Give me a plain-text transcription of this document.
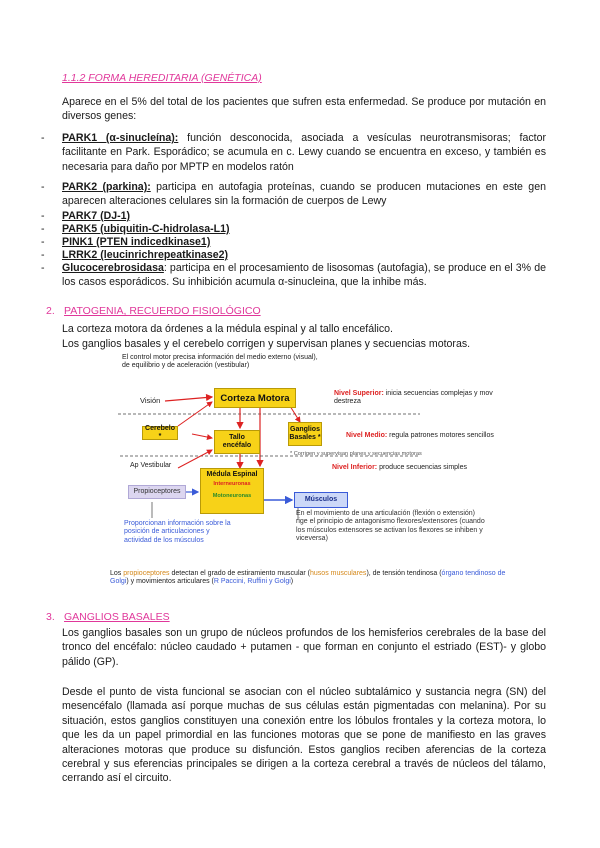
1.1.2 FORMA HEREDITARIA (GENÉTICA)

Aparece en el 5% del total de los pacientes que sufren esta enfermedad. Se produce por mutación en diversos genes:

- PARK1 (α-sinucleína): función desconocida, asociada a vesículas neurotransmisoras; factor facilitante en Park. Esporádico; se acumula en c. Lewy cuando se encuentra en exceso, y también es necesaria para daño por MPTP en modelos ratón
- PARK2 (parkina): participa en autofagia proteínas, cuando se producen mutaciones en este gen aparecen alteraciones celulares sin la formación de cuerpos de Lewy
- PARK7 (DJ-1)
- PARK5 (ubiquitin-C-hidrolasa-L1)
- PINK1 (PTEN indicedkinase1)
- LRRK2 (leucinrichrepeatkinase2)
- Glucocerebrosidasa: participa en el procesamiento de lisosomas (autofagia), se produce en el 3% de los casos esporádicos. Su inhibición acumula α-sinucleina, que la inhibe más.
2. PATOGENIA, RECUERDO FISIOLÓGICO

La corteza motora da órdenes a la médula espinal y al tallo encefálico.

Los ganglios basales y el cerebelo corrigen y supervisan planes y secuencias motoras.

El control motor precisa información del medio externo (visual), de equilibrio y de aceleración (vestibular)
Visión	Corteza Motora
Cerebelo *	Tallo encéfalo
Ganglios Basales *
Nivel Superior: inicia secuencias complejas y mov destreza
Nivel Medio: regula patrones motores sencillos
* Corrigen y supervisan planes y secuencias motoras
Ap Vestibular	Nivel Inferior: produce secuencias simples
Médula Espinal
Interneuronas
Motoneuronas
Propioceptores
Músculos
Proporcionan información sobre la posición de articulaciones y actividad de los músculos
En el movimiento de una articulación (flexión o extensión) rige el principio de antagonismo flexores/extensores (cuando los músculos extensores se activan los flexores se inhiben y viceversa)
Los propioceptores detectan el grado de estiramiento muscular (husos musculares), de tensión tendinosa (órgano tendinoso de Golgi) y movimientos articulares (R Paccini, Ruffini y Golgi)
3. GANGLIOS BASALES

Los ganglios basales son un grupo de núcleos profundos de los hemisferios cerebrales de la base del tronco del encéfalo: núcleo caudado + putamen - que forman en conjunto el estriado (EST)- y globo pálido (GP).

Desde el punto de vista funcional se asocian con el núcleo subtalámico y sustancia negra (SN) del mesencéfalo (llamada así porque muchas de sus células están pigmentadas con melanina). Por su situación, estos ganglios constituyen una conexión entre los lóbulos frontales y la corteza motora, lo que les da un papel primordial en las funciones motoras que se pone de manifiesto en las graves alteraciones motoras que produce su disfunción. Estos ganglios reciben aferencias de la corteza cerebral y sus eferencias principales se dirigen a la corteza cerebral a través de núcleos del tálamo, cerrando así el circuito.
